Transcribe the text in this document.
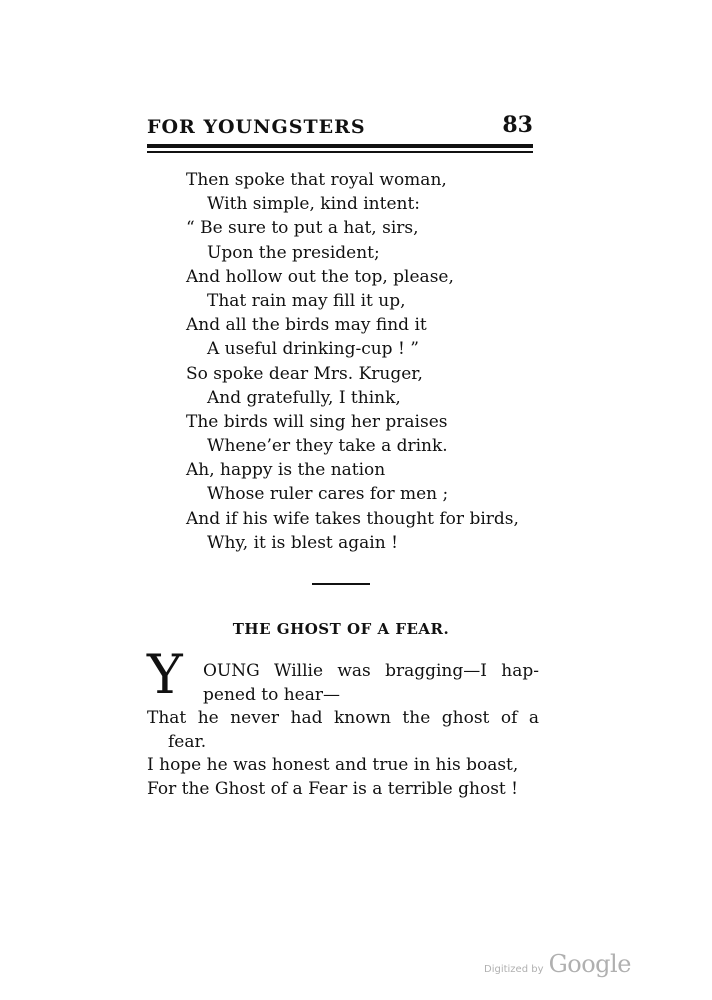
FOR YOUNGSTERS	83
Then spoke that royal woman,
With simple, kind intent:
“ Be sure to put a hat, sirs,
Upon the president;
And hollow out the top, please,
That rain may fill it up,
And all the birds may find it
A useful drinking-cup ! ”
So spoke dear Mrs. Kruger,
And gratefully, I think,
The birds will sing her praises
Whene’er they take a drink.
Ah, happy is the nation
Whose ruler cares for men ;
And if his wife takes thought for birds,
Why, it is blest again !
THE GHOST OF A FEAR.
Y	OUNG Willie was bragging—I hap-
pened to hear—
That he never had known the ghost of a
fear.
I hope he was honest and true in his boast,
For the Ghost of a Fear is a terrible ghost !
Digitized by Google
